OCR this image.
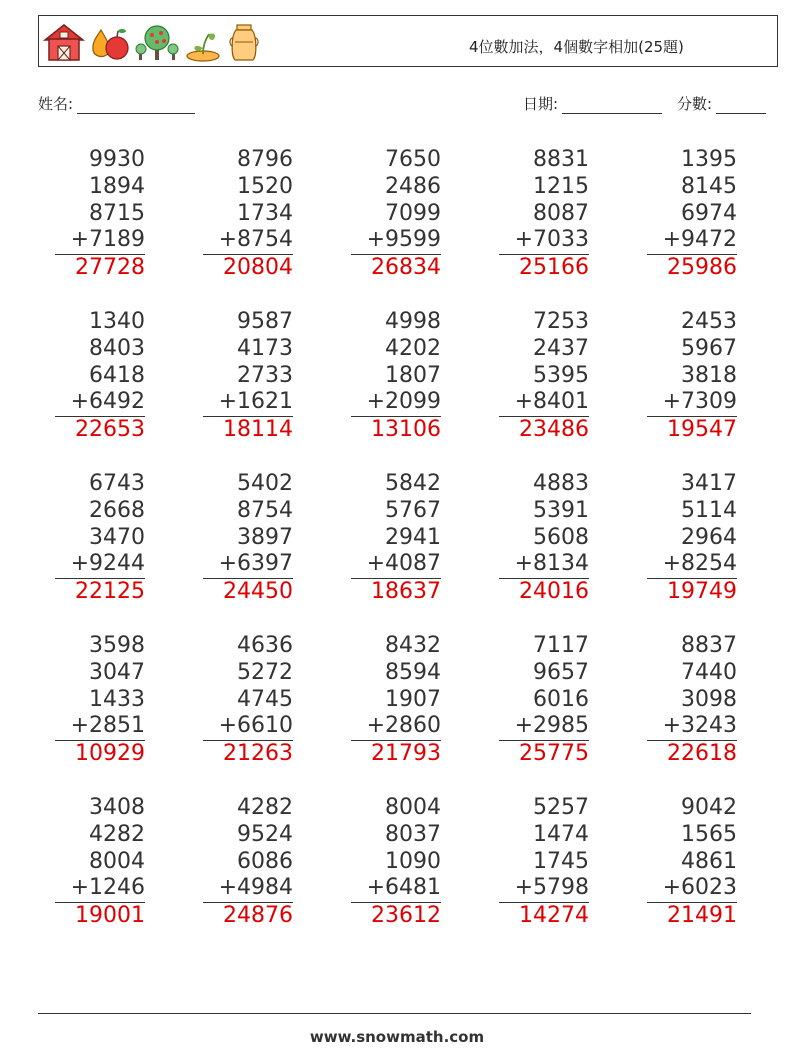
4位數加法，4個數字相加(25題)
姓名:	日期:	分數:
9930
1894
8715
+7189
27728
8796
1520
1734
+8754
20804
7650
2486
7099
+9599
26834
8831
1215
8087
+7033
25166
1395
8145
6974
+9472
25986
1340
8403
6418
+6492
22653
9587
4173
2733
+1621
18114
4998
4202
1807
+2099
13106
7253
2437
5395
+8401
23486
2453
5967
3818
+7309
19547
6743
2668
3470
+9244
22125
5402
8754
3897
+6397
24450
5842
5767
2941
+4087
18637
4883
5391
5608
+8134
24016
3417
5114
2964
+8254
19749
3598
3047
1433
+2851
10929
4636
5272
4745
+6610
21263
8432
8594
1907
+2860
21793
7117
9657
6016
+2985
25775
8837
7440
3098
+3243
22618
3408
4282
8004
+1246
19001
4282
9524
6086
+4984
24876
8004
8037
1090
+6481
23612
5257
1474
1745
+5798
14274
9042
1565
4861
+6023
21491
www.snowmath.com
